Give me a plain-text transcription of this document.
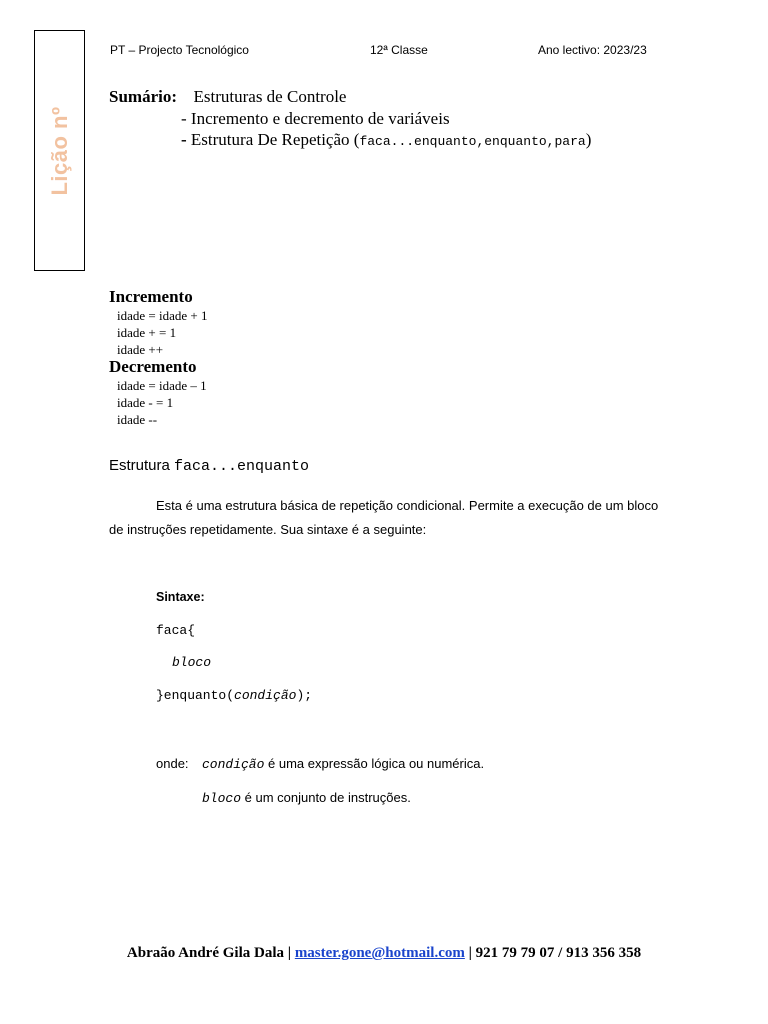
Lição nº
PT – Projecto Tecnológico	12ª Classe	Ano lectivo: 2023/23
Sumário: Estruturas de Controle
- Incremento e decremento de variáveis
- Estrutura De Repetição (faca...enquanto,enquanto,para)
Incremento
idade = idade + 1
idade + = 1
idade ++
Decremento
idade = idade – 1
idade - = 1
idade --
Estrutura faca...enquanto
Esta é uma estrutura básica de repetição condicional. Permite a execução de um bloco
de instruções repetidamente. Sua sintaxe é a seguinte:
Sintaxe:
faca{
bloco
}enquanto(condição);
onde: condição é uma expressão lógica ou numérica.
bloco é um conjunto de instruções.
Abraão André Gila Dala | master.gone@hotmail.com | 921 79 79 07 / 913 356 358
